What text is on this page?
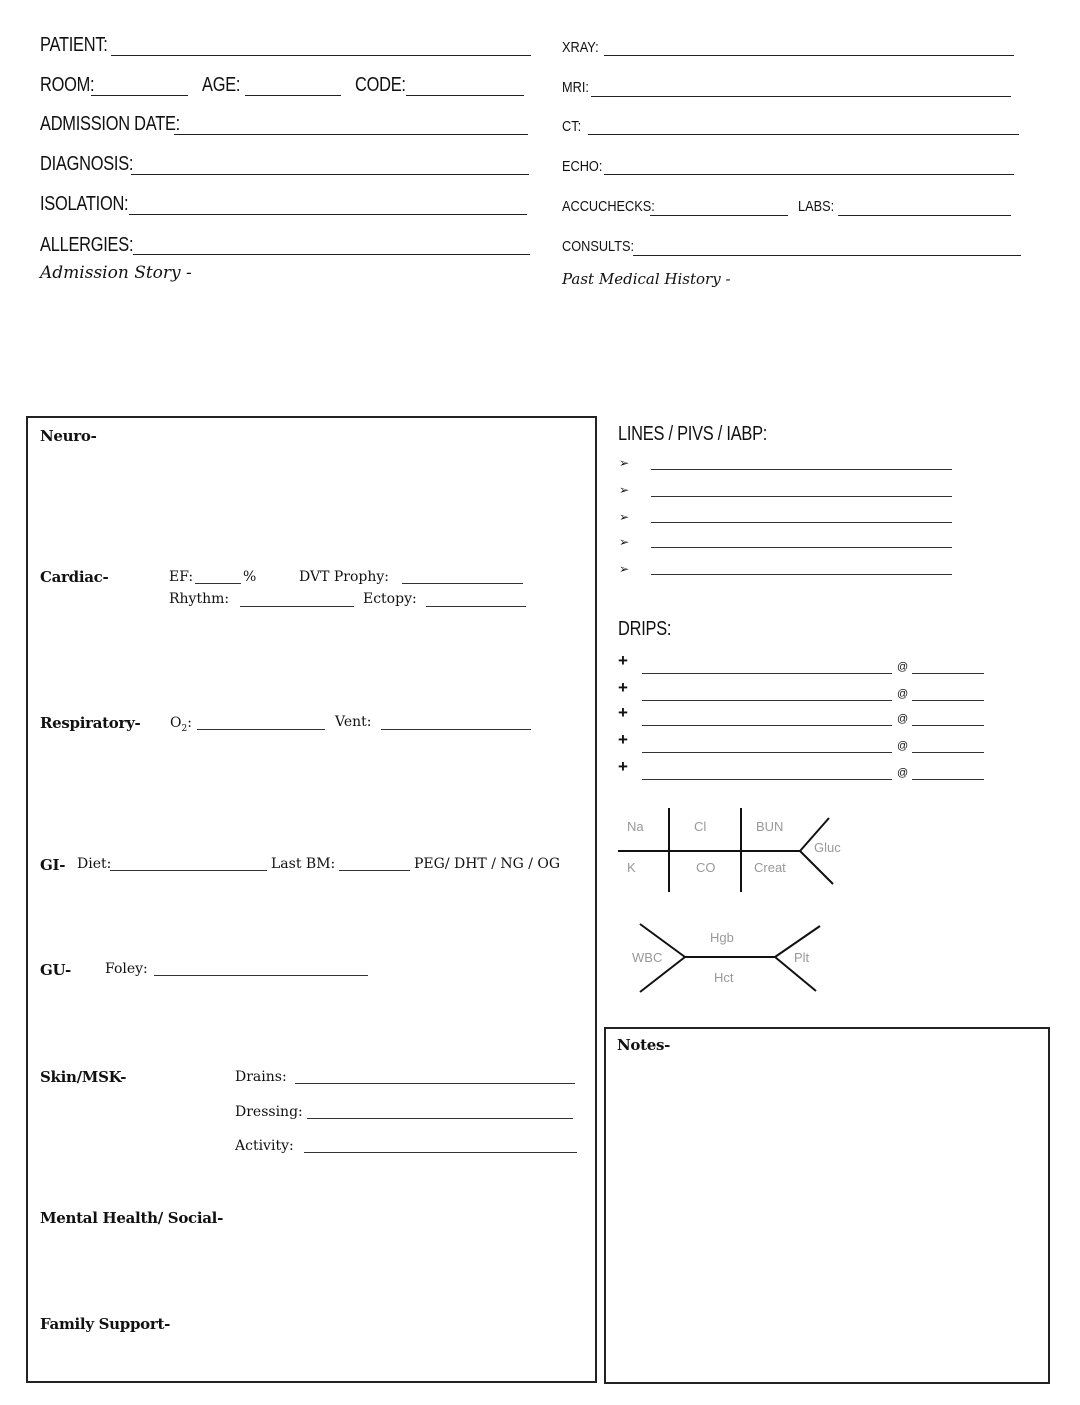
PATIENT:
ROOM:	AGE:	CODE:
ADMISSION DATE:
DIAGNOSIS:
ISOLATION:
ALLERGIES:
Admission Story -
XRAY:
MRI:
CT:
ECHO:
ACCUCHECKS:	LABS:
CONSULTS:
Past Medical History -
Neuro-
Cardiac-	EF:	%	DVT Prophy:
Rhythm:	Ectopy:
Respiratory- $O_2$:	Vent:
GI- Diet:	Last BM:	PEG/ DHT / NG / OG
GU- Foley:
Skin/MSK-	Drains:
Dressing:
Activity:
Mental Health/ Social-
Family Support-
LINES / PIVS / IABP:
➢
➢
➢
➢
➢
DRIPS:
+	@
+	@
+	@
+	@
+	@
Na	Cl	BUN
Gluc
K	CO	Creat
Hgb
WBC	Plt
Hct
Notes-
